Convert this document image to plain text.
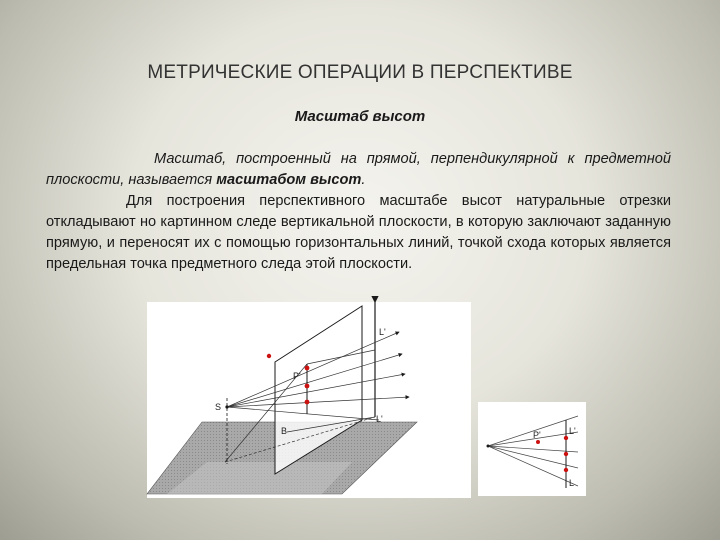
МЕТРИЧЕСКИЕ ОПЕРАЦИИ В ПЕРСПЕКТИВЕ
Масштаб высот

Масштаб, построенный на прямой, перпендикулярной к предметной плоскости, называется масштабом высот.

Для построения перспективного масштабе высот натуральные отрезки откладывают но картинном следе вертикальной плоскости, в которую заключают заданную прямую, и переносят их с помощью горизонтальных линий, точкой схода которых является предельная точка предметного следа этой плоскости.

L'
P'
L'
S
B	P'	L'
L
